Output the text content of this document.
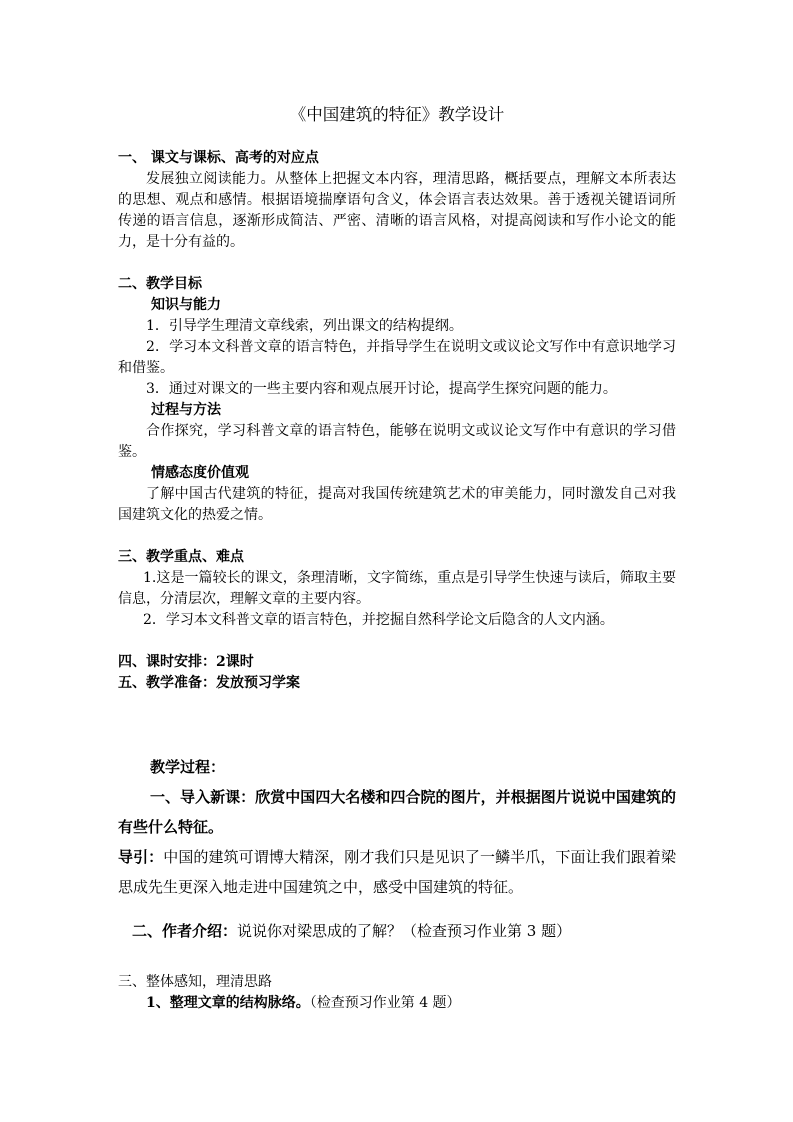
《中国建筑的特征》教学设计
一、 课文与课标、高考的对应点

发展独立阅读能力。从整体上把握文本内容，理清思路，概括要点，理解文本所表达的思想、观点和感情。根据语境揣摩语句含义，体会语言表达效果。善于透视关键语词所传递的语言信息，逐渐形成简洁、严密、清晰的语言风格，对提高阅读和写作小论文的能力，是十分有益的。

二、教学目标
知识与能力

1．引导学生理清文章线索，列出课文的结构提纲。

2．学习本文科普文章的语言特色，并指导学生在说明文或议论文写作中有意识地学习和借鉴。

3．通过对课文的一些主要内容和观点展开讨论，提高学生探究问题的能力。

过程与方法

合作探究，学习科普文章的语言特色，能够在说明文或议论文写作中有意识的学习借鉴。

情感态度价值观

了解中国古代建筑的特征，提高对我国传统建筑艺术的审美能力，同时激发自己对我国建筑文化的热爱之情。

三、教学重点、难点

1.这是一篇较长的课文，条理清晰，文字简练，重点是引导学生快速与读后，筛取主要信息，分清层次，理解文章的主要内容。

2．学习本文科普文章的语言特色，并挖掘自然科学论文后隐含的人文内涵。

四、课时安排：2课时
五、教学准备：发放预习学案

教学过程：

一、导入新课：欣赏中国四大名楼和四合院的图片，并根据图片说说中国建筑的有些什么特征。

导引：中国的建筑可谓博大精深，刚才我们只是见识了一鳞半爪，下面让我们跟着梁思成先生更深入地走进中国建筑之中，感受中国建筑的特征。

二、作者介绍：说说你对梁思成的了解？（检查预习作业第 3 题）

三、整体感知，理清思路

1、整理文章的结构脉络。（检查预习作业第 4 题）
